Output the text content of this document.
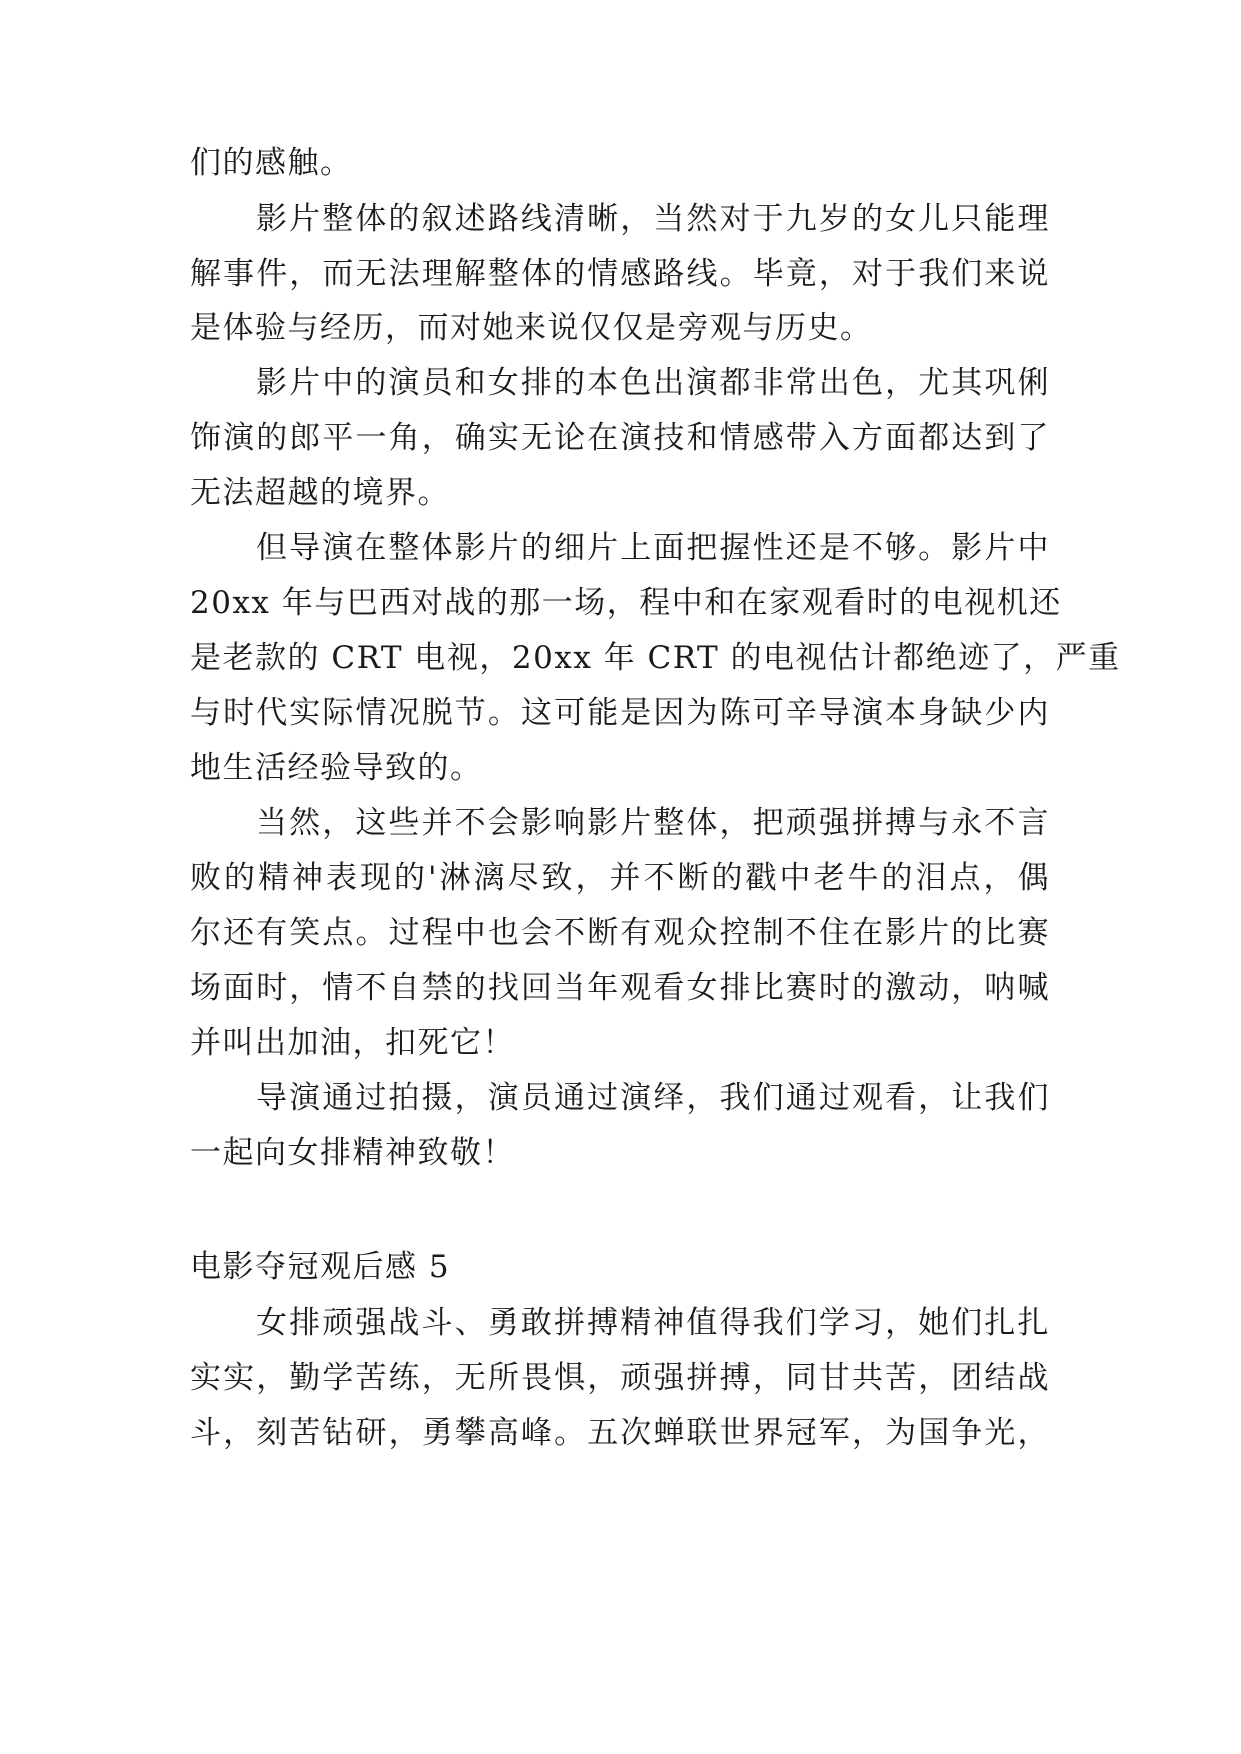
们的感触。
影片整体的叙述路线清晰，当然对于九岁的女儿只能理
解事件，而无法理解整体的情感路线。毕竟，对于我们来说
是体验与经历，而对她来说仅仅是旁观与历史。
影片中的演员和女排的本色出演都非常出色，尤其巩俐
饰演的郎平一角，确实无论在演技和情感带入方面都达到了
无法超越的境界。
但导演在整体影片的细片上面把握性还是不够。影片中
20xx 年与巴西对战的那一场，程中和在家观看时的电视机还
是老款的 CRT 电视，20xx 年 CRT 的电视估计都绝迹了，严重
与时代实际情况脱节。这可能是因为陈可辛导演本身缺少内
地生活经验导致的。
当然，这些并不会影响影片整体，把顽强拼搏与永不言
败的精神表现的'淋漓尽致，并不断的戳中老牛的泪点，偶
尔还有笑点。过程中也会不断有观众控制不住在影片的比赛
场面时，情不自禁的找回当年观看女排比赛时的激动，呐喊
并叫出加油，扣死它！
导演通过拍摄，演员通过演绎，我们通过观看，让我们
一起向女排精神致敬！
电影夺冠观后感 5
女排顽强战斗、勇敢拼搏精神值得我们学习，她们扎扎
实实，勤学苦练，无所畏惧，顽强拼搏，同甘共苦，团结战
斗，刻苦钻研，勇攀高峰。五次蝉联世界冠军，为国争光，
